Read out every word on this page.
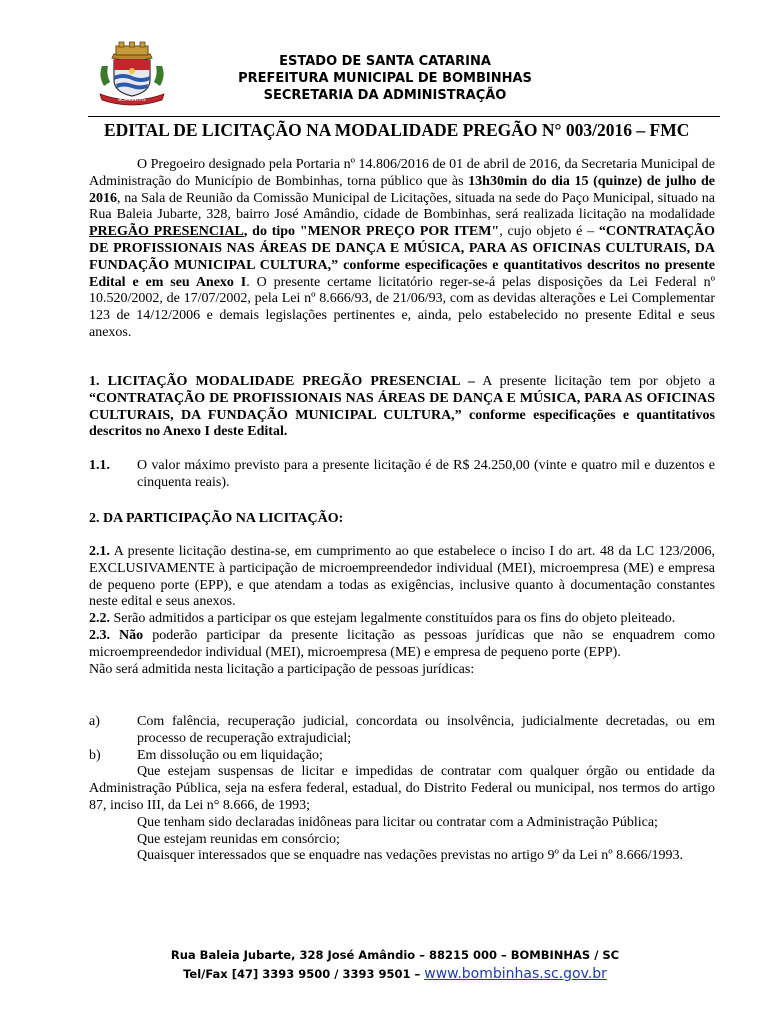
BOMBINHAS
ESTADO DE SANTA CATARINA
PREFEITURA MUNICIPAL DE BOMBINHAS
SECRETARIA DA ADMINISTRAÇÃO
EDITAL DE LICITAÇÃO NA MODALIDADE PREGÃO N° 003/2016 – FMC
O Pregoeiro designado pela Portaria nº 14.806/2016 de 01 de abril de 2016, da Secretaria Municipal de Administração do Município de Bombinhas, torna público que às 13h30min do dia 15 (quinze) de julho de 2016, na Sala de Reunião da Comissão Municipal de Licitações, situada na sede do Paço Municipal, situado na Rua Baleia Jubarte, 328, bairro José Amândio, cidade de Bombinhas, será realizada licitação na modalidade PREGÃO PRESENCIAL, do tipo "MENOR PREÇO POR ITEM", cujo objeto é – “CONTRATAÇÃO DE PROFISSIONAIS NAS ÁREAS DE DANÇA E MÚSICA, PARA AS OFICINAS CULTURAIS, DA FUNDAÇÃO MUNICIPAL CULTURA,” conforme especificações e quantitativos descritos no presente Edital e em seu Anexo I. O presente certame licitatório reger-se-á pelas disposições da Lei Federal nº 10.520/2002, de 17/07/2002, pela Lei nº 8.666/93, de 21/06/93, com as devidas alterações e Lei Complementar 123 de 14/12/2006 e demais legislações pertinentes e, ainda, pelo estabelecido no presente Edital e seus anexos.
1. LICITAÇÃO MODALIDADE PREGÃO PRESENCIAL – A presente licitação tem por objeto a “CONTRATAÇÃO DE PROFISSIONAIS NAS ÁREAS DE DANÇA E MÚSICA, PARA AS OFICINAS CULTURAIS, DA FUNDAÇÃO MUNICIPAL CULTURA,” conforme especificações e quantitativos descritos no Anexo I deste Edital.
1.1.	O valor máximo previsto para a presente licitação é de R$ 24.250,00 (vinte e quatro mil e duzentos e cinquenta reais).
2. DA PARTICIPAÇÃO NA LICITAÇÃO:
2.1. A presente licitação destina-se, em cumprimento ao que estabelece o inciso I do art. 48 da LC 123/2006, EXCLUSIVAMENTE à participação de microempreendedor individual (MEI), microempresa (ME) e empresa de pequeno porte (EPP), e que atendam a todas as exigências, inclusive quanto à documentação constantes neste edital e seus anexos.
2.2. Serão admitidos a participar os que estejam legalmente constituídos para os fins do objeto pleiteado.
2.3. Não poderão participar da presente licitação as pessoas jurídicas que não se enquadrem como microempreendedor individual (MEI), microempresa (ME) e empresa de pequeno porte (EPP).
Não será admitida nesta licitação a participação de pessoas jurídicas:
a)	Com falência, recuperação judicial, concordata ou insolvência, judicialmente decretadas, ou em processo de recuperação extrajudicial;
b)	Em dissolução ou em liquidação;
Que estejam suspensas de licitar e impedidas de contratar com qualquer órgão ou entidade da Administração Pública, seja na esfera federal, estadual, do Distrito Federal ou municipal, nos termos do artigo 87, inciso III, da Lei n° 8.666, de 1993;
Que tenham sido declaradas inidôneas para licitar ou contratar com a Administração Pública;
Que estejam reunidas em consórcio;
Quaisquer interessados que se enquadre nas vedações previstas no artigo 9º da Lei nº 8.666/1993.
Rua Baleia Jubarte, 328 José Amândio – 88215 000 – BOMBINHAS / SC
Tel/Fax [47] 3393 9500 / 3393 9501 – www.bombinhas.sc.gov.br
